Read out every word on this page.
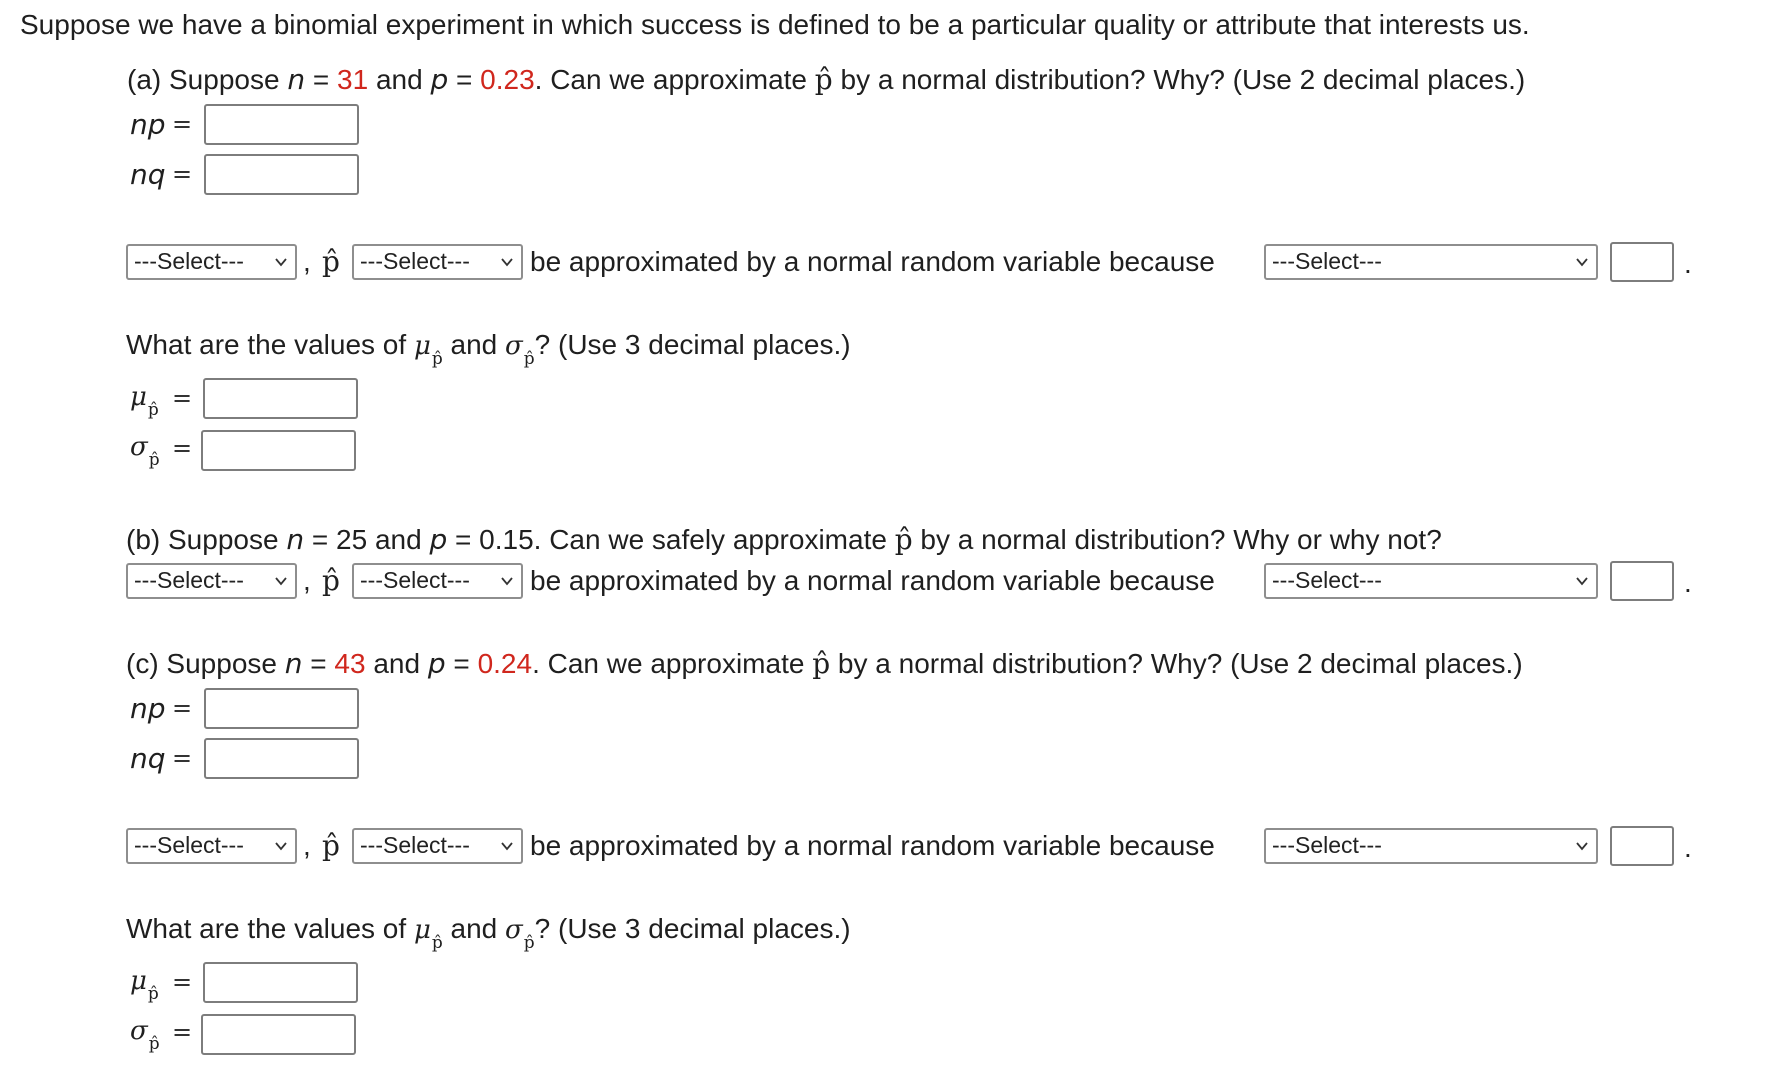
Suppose we have a binomial experiment in which success is defined to be a particular quality or attribute that interests us.
(a) Suppose n = 31 and p = 0.23. Can we approximate p̂ by a normal distribution? Why? (Use 2 decimal places.)
np =
nq =
---Select--- , p̂ ---Select--- be approximated by a normal random variable because ---Select---	.
What are the values of $\mu_{p̂}$ and $\sigma_{p̂}$? (Use 3 decimal places.)
μp̂ =
σp̂ =
(b) Suppose n = 25 and p = 0.15. Can we safely approximate p̂ by a normal distribution? Why or why not?
---Select--- , p̂ ---Select--- be approximated by a normal random variable because ---Select---	.
(c) Suppose n = 43 and p = 0.24. Can we approximate p̂ by a normal distribution? Why? (Use 2 decimal places.)
np =
nq =
---Select--- , p̂ ---Select--- be approximated by a normal random variable because ---Select---	.
What are the values of $\mu_{p̂}$ and $\sigma_{p̂}$? (Use 3 decimal places.)
μp̂ =
σp̂ =
